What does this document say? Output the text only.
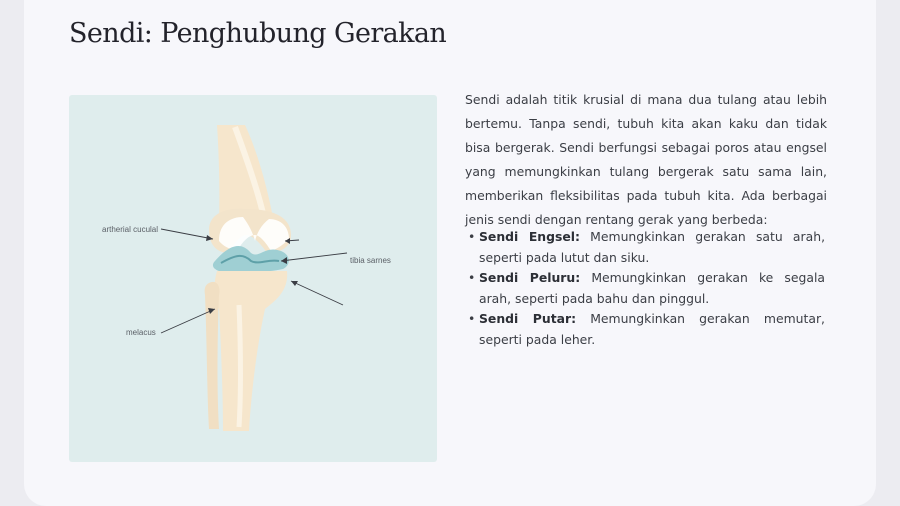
Sendi: Penghubung Gerakan
artherial cuculal
tibia sarnes
melacus

Sendi adalah titik krusial di mana dua tulang atau lebih bertemu. Tanpa sendi, tubuh kita akan kaku dan tidak bisa bergerak. Sendi berfungsi sebagai poros atau engsel yang memungkinkan tulang bergerak satu sama lain, memberikan fleksibilitas pada tubuh kita. Ada berbagai jenis sendi dengan rentang gerak yang berbeda:

• Sendi Engsel: Memungkinkan gerakan satu arah, seperti pada lutut dan siku.
• Sendi Peluru: Memungkinkan gerakan ke segala arah, seperti pada bahu dan pinggul.
• Sendi Putar: Memungkinkan gerakan memutar, seperti pada leher.
